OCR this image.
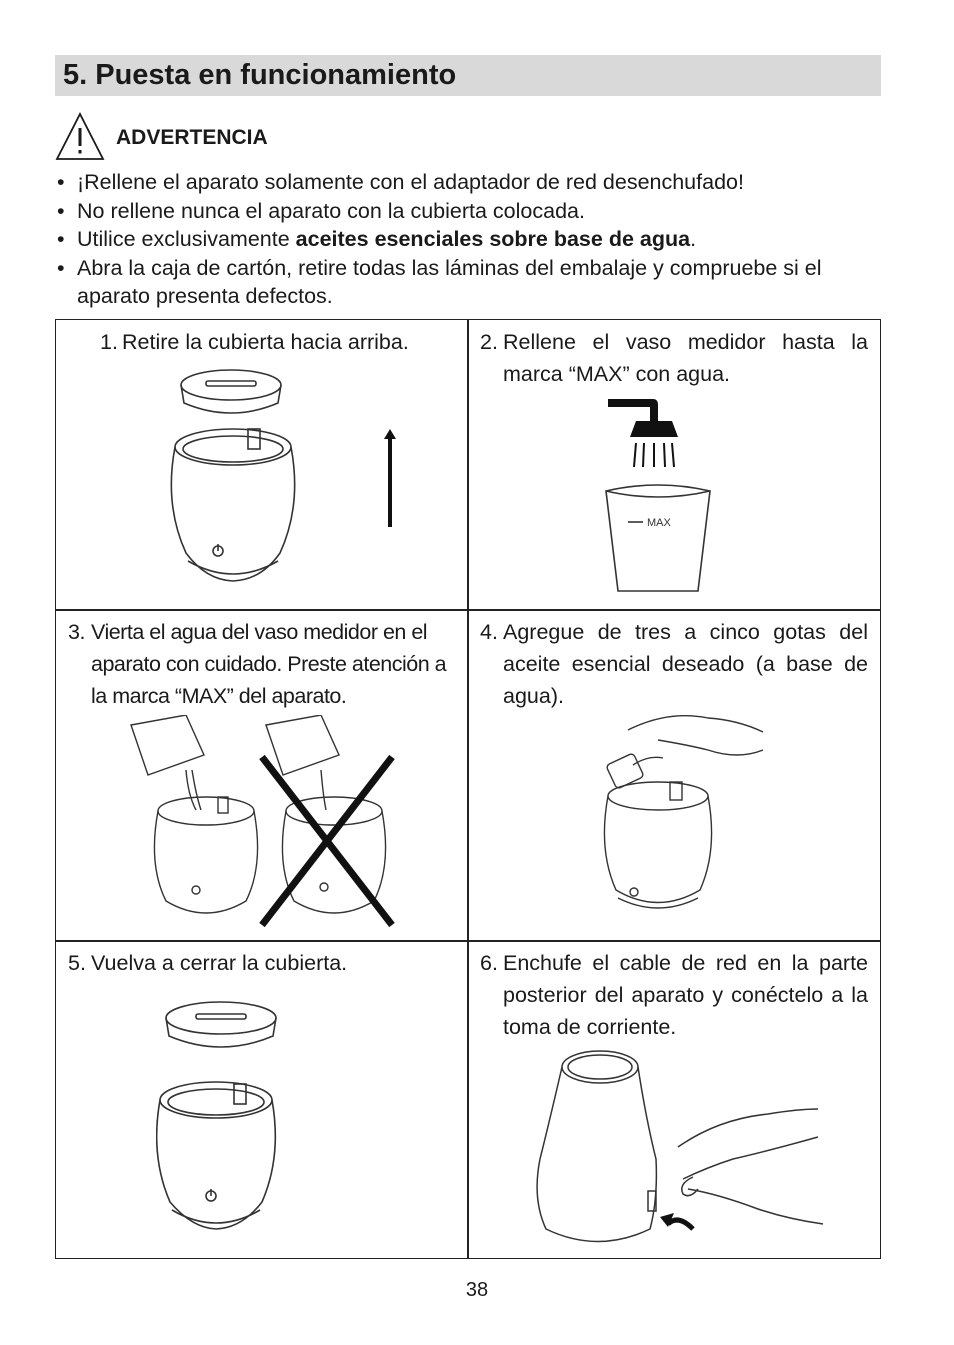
5. Puesta en funcionamiento
ADVERTENCIA
• ¡Rellene el aparato solamente con el adaptador de red desenchufado!
• No rellene nunca el aparato con la cubierta colocada.
• Utilice exclusivamente aceites esenciales sobre base de agua.
• Abra la caja de cartón, retire todas las láminas del embalaje y compruebe si el aparato presenta defectos.
1. Retire la cubierta hacia arriba.	2. Rellene el vaso medidor hasta la marca “MAX” con agua.
MAX
3. Vierta el agua del vaso medidor en el aparato con cuidado. Preste atención a la marca “MAX” del aparato.
4. Agregue de tres a cinco gotas del aceite esencial deseado (a base de agua).
5. Vuelva a cerrar la cubierta.	6. Enchufe el cable de red en la parte posterior del aparato y conéctelo a la toma de corriente.
38
